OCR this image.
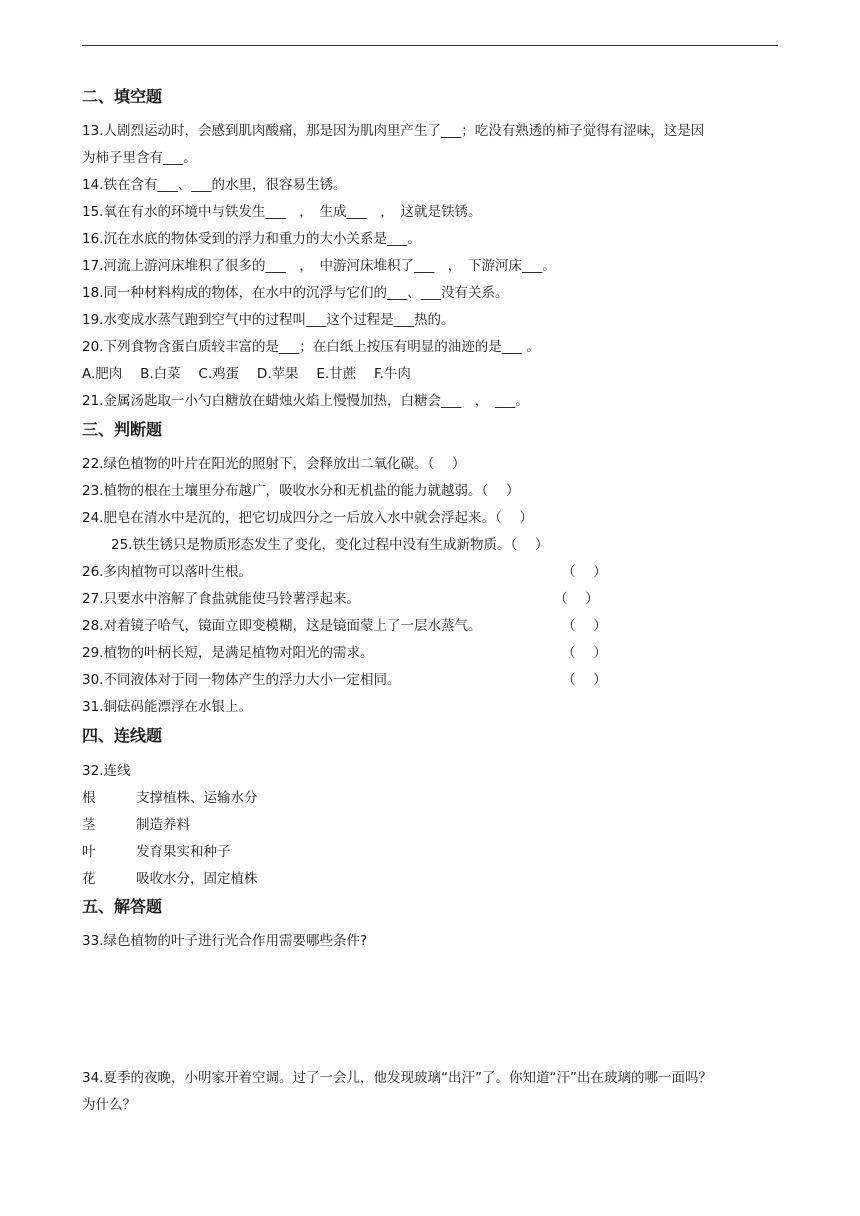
二、填空题
13.人剧烈运动时，会感到肌肉酸痛，那是因为肌肉里产生了___；吃没有熟透的柿子觉得有涩味，这是因
为柿子里含有___。
14.铁在含有___、___的水里，很容易生锈。
15.氧在有水的环境中与铁发生___　，　生成___　，　这就是铁锈。
16.沉在水底的物体受到的浮力和重力的大小关系是___。
17.河流上游河床堆积了很多的___　，　中游河床堆积了___　，　下游河床___。
18.同一种材料构成的物体，在水中的沉浮与它们的___、___没有关系。
19.水变成水蒸气跑到空气中的过程叫___这个过程是___热的。
20.下列食物含蛋白质较丰富的是___；在白纸上按压有明显的油迹的是___ 。
A.肥肉　 B.白菜　 C.鸡蛋　 D.苹果　 E.甘蔗　 F.牛肉
21.金属汤匙取一小勺白糖放在蜡烛火焰上慢慢加热，白糖会___　，　___。
三、判断题
22.绿色植物的叶片在阳光的照射下，会释放出二氧化碳。（　 ）
23.植物的根在土壤里分布越广，吸收水分和无机盐的能力就越弱。（　 ）
24.肥皂在清水中是沉的，把它切成四分之一后放入水中就会浮起来。（　 ）
25.铁生锈只是物质形态发生了变化，变化过程中没有生成新物质。（　 ）
26.多肉植物可以落叶生根。	（　 ）
27.只要水中溶解了食盐就能使马铃薯浮起来。	（　 ）
28.对着镜子哈气，镜面立即变模糊，这是镜面蒙上了一层水蒸气。	（　 ）
29.植物的叶柄长短，是满足植物对阳光的需求。	（　 ）
30.不同液体对于同一物体产生的浮力大小一定相同。	（　 ）
31.铜砝码能漂浮在水银上。
四、连线题
32.连线
根	支撑植株、运输水分
茎	制造养料
叶	发育果实和种子
花	吸收水分，固定植株
五、解答题
33.绿色植物的叶子进行光合作用需要哪些条件?
34.夏季的夜晚，小明家开着空调。过了一会儿，他发现玻璃“出汗”了。你知道“汗”出在玻璃的哪一面吗？
为什么？
